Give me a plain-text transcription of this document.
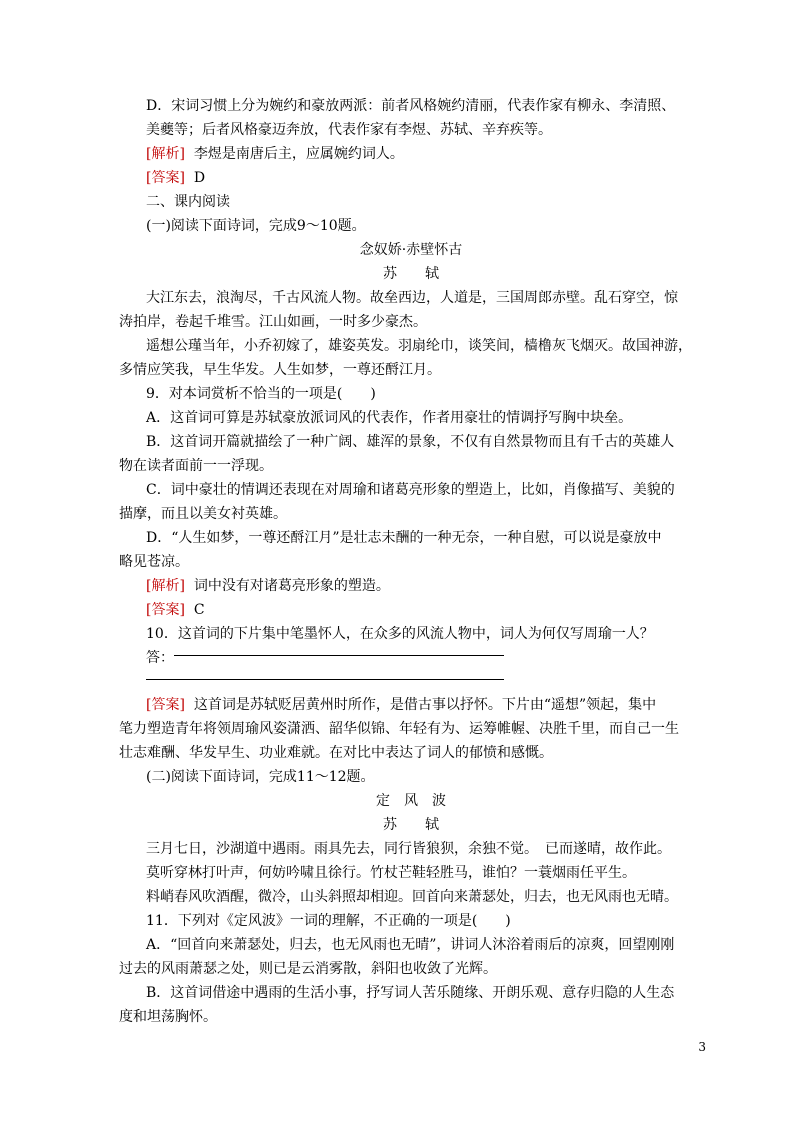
D．宋词习惯上分为婉约和豪放两派：前者风格婉约清丽，代表作家有柳永、李清照、
美夔等；后者风格豪迈奔放，代表作家有李煜、苏轼、辛弃疾等。
[解析] 李煜是南唐后主，应属婉约词人。
[答案] D
二、课内阅读
(一)阅读下面诗词，完成9～10题。
念奴娇·赤壁怀古
苏　　轼
大江东去，浪淘尽，千古风流人物。故垒西边，人道是，三国周郎赤壁。乱石穿空，惊
涛拍岸，卷起千堆雪。江山如画，一时多少豪杰。
遥想公瑾当年，小乔初嫁了，雄姿英发。羽扇纶巾，谈笑间，樯橹灰飞烟灭。故国神游，
多情应笑我，早生华发。人生如梦，一尊还酹江月。
9．对本词赏析不恰当的一项是(　　)
A．这首词可算是苏轼豪放派词风的代表作，作者用豪壮的情调抒写胸中块垒。
B．这首词开篇就描绘了一种广阔、雄浑的景象，不仅有自然景物而且有千古的英雄人
物在读者面前一一浮现。
C．词中豪壮的情调还表现在对周瑜和诸葛亮形象的塑造上，比如，肖像描写、美貌的
描摩，而且以美女衬英雄。
D．“人生如梦，一尊还酹江月”是壮志未酬的一种无奈，一种自慰，可以说是豪放中
略见苍凉。
[解析] 词中没有对诸葛亮形象的塑造。
[答案] C
10．这首词的下片集中笔墨怀人，在众多的风流人物中，词人为何仅写周瑜一人？
答：
[答案] 这首词是苏轼贬居黄州时所作，是借古事以抒怀。下片由“遥想”领起，集中
笔力塑造青年将领周瑜风姿潇洒、韶华似锦、年轻有为、运筹帷幄、决胜千里，而自己一生
壮志难酬、华发早生、功业难就。在对比中表达了词人的郁愤和感慨。
(二)阅读下面诗词，完成11～12题。
定　风　波
苏　　轼
三月七日，沙湖道中遇雨。雨具先去，同行皆狼狈，余独不觉。　已而遂晴，故作此。
莫听穿林打叶声，何妨吟啸且徐行。竹杖芒鞋轻胜马，谁怕？一蓑烟雨任平生。
料峭春风吹酒醒，微冷，山头斜照却相迎。回首向来萧瑟处，归去，也无风雨也无晴。
11．下列对《定风波》一词的理解，不正确的一项是(　　)
A．“回首向来萧瑟处，归去，也无风雨也无晴”，讲词人沐浴着雨后的凉爽，回望刚刚
过去的风雨萧瑟之处，则已是云消雾散，斜阳也收敛了光辉。
B．这首词借途中遇雨的生活小事，抒写词人苦乐随缘、开朗乐观、意存归隐的人生态
度和坦荡胸怀。
3
